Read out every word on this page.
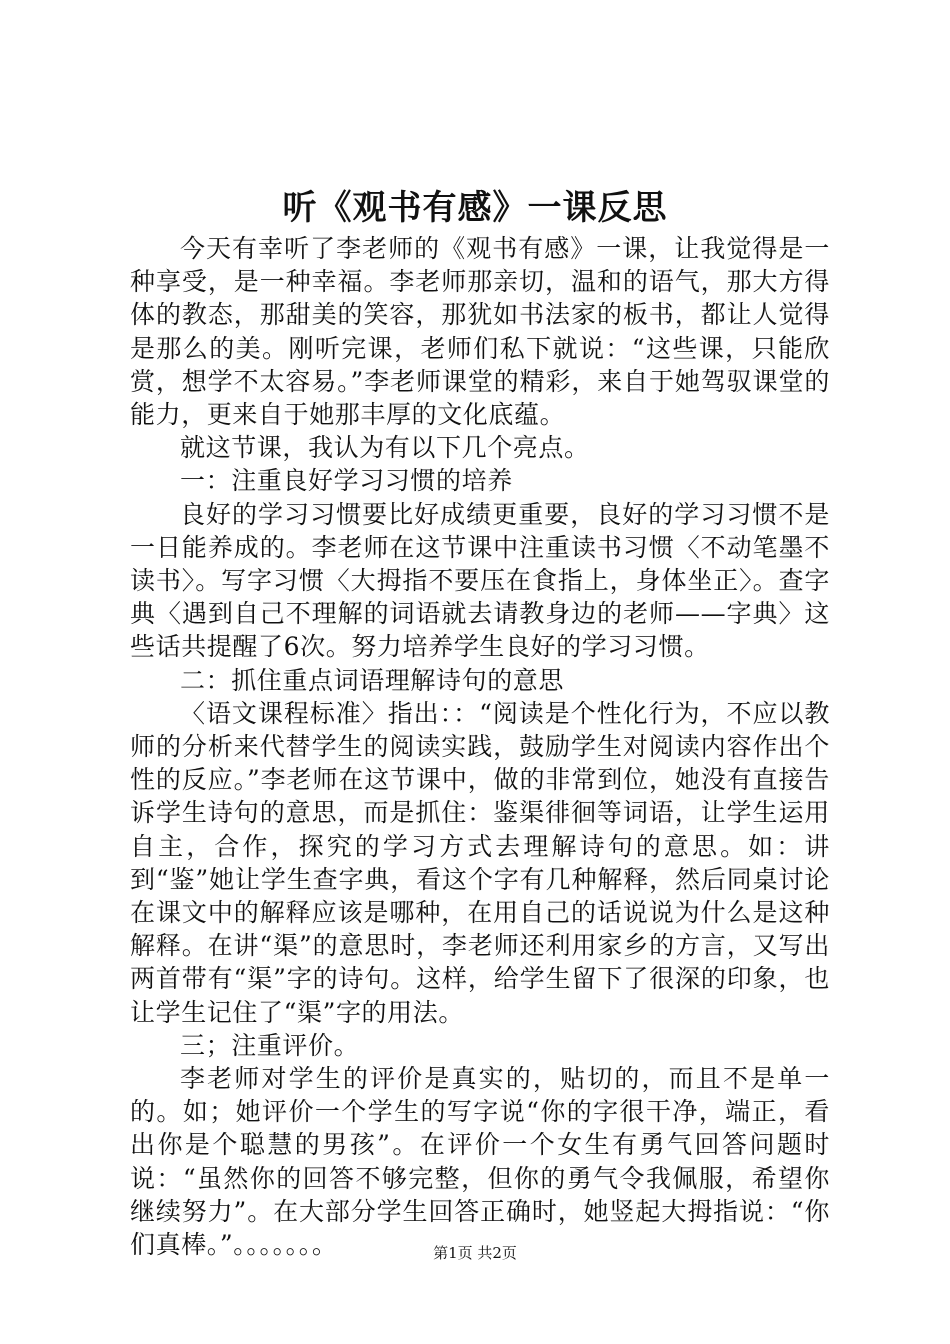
听《观书有感》一课反思

今天有幸听了李老师的《观书有感》一课，让我觉得是一种享受，是一种幸福。李老师那亲切，温和的语气，那大方得体的教态，那甜美的笑容，那犹如书法家的板书，都让人觉得是那么的美。刚听完课，老师们私下就说：“这些课，只能欣赏，想学不太容易。”李老师课堂的精彩，来自于她驾驭课堂的能力，更来自于她那丰厚的文化底蕴。

就这节课，我认为有以下几个亮点。

一：注重良好学习习惯的培养

良好的学习习惯要比好成绩更重要，良好的学习习惯不是一日能养成的。李老师在这节课中注重读书习惯〈不动笔墨不读书〉。写字习惯〈大拇指不要压在食指上，身体坐正〉。查字典〈遇到自己不理解的词语就去请教身边的老师——字典〉这些话共提醒了6次。努力培养学生良好的学习习惯。

二：抓住重点词语理解诗句的意思

〈语文课程标准〉指出：：“阅读是个性化行为，不应以教师的分析来代替学生的阅读实践，鼓励学生对阅读内容作出个性的反应。”李老师在这节课中，做的非常到位，她没有直接告诉学生诗句的意思，而是抓住：鉴渠徘徊等词语，让学生运用自主，合作，探究的学习方式去理解诗句的意思。如：讲到“鉴”她让学生查字典，看这个字有几种解释，然后同桌讨论在课文中的解释应该是哪种，在用自己的话说说为什么是这种解释。在讲“渠”的意思时，李老师还利用家乡的方言，又写出两首带有“渠”字的诗句。这样，给学生留下了很深的印象，也让学生记住了“渠”字的用法。

三；注重评价。

李老师对学生的评价是真实的，贴切的，而且不是单一的。如；她评价一个学生的写字说“你的字很干净，端正，看出你是个聪慧的男孩”。在评价一个女生有勇气回答问题时说：“虽然你的回答不够完整，但你的勇气令我佩服，希望你继续努力”。在大部分学生回答正确时，她竖起大拇指说：“你们真棒。”。。。。。。。	第1页 共2页
